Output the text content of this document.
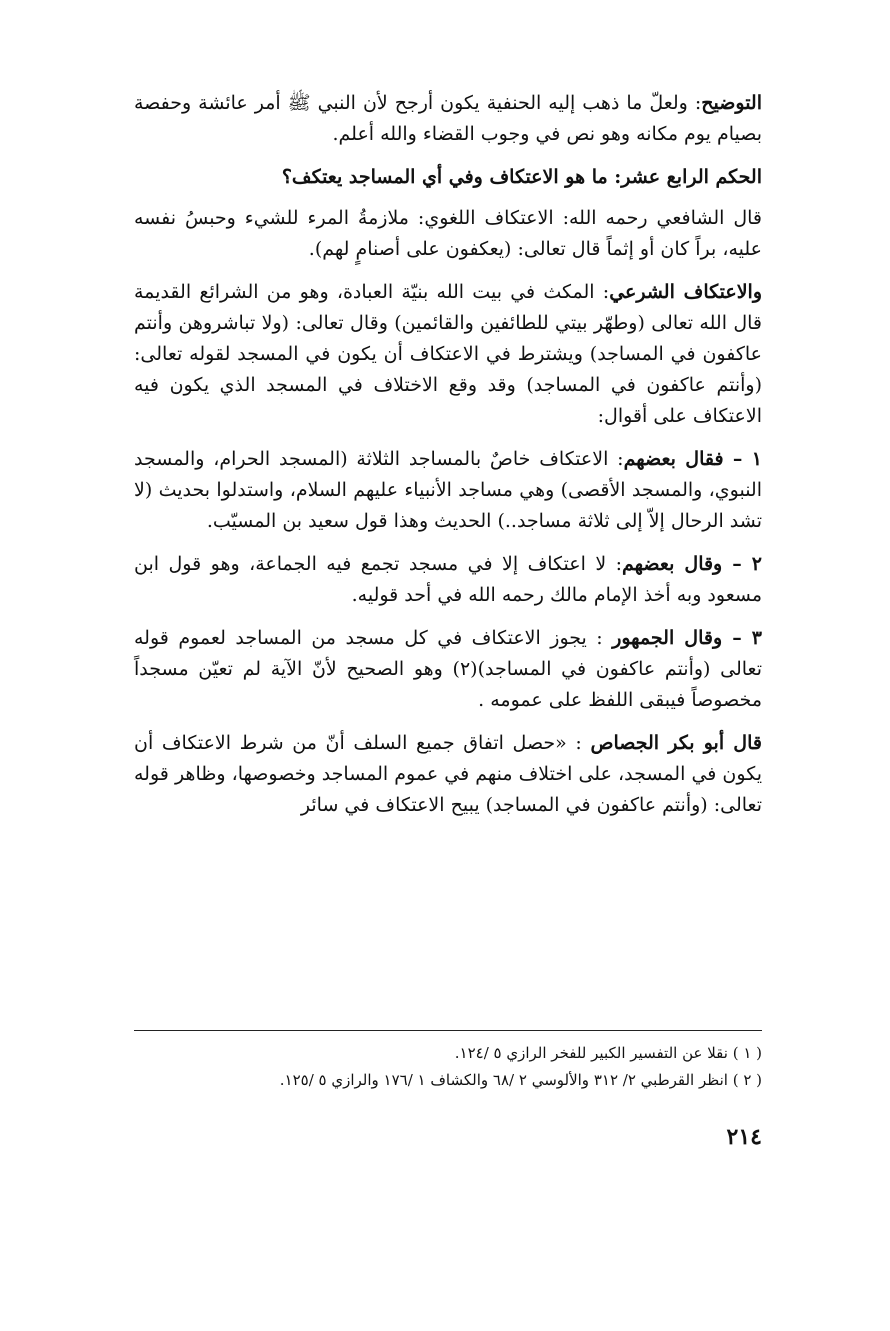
التوضيح: ولعلّ ما ذهب إليه الحنفية يكون أرجح لأن النبي ﷺ أمر عائشة وحفصة بصيام يوم مكانه وهو نص في وجوب القضاء والله أعلم.

الحكم الرابع عشر: ما هو الاعتكاف وفي أي المساجد يعتكف؟

قال الشافعي رحمه الله: الاعتكاف اللغوي: ملازمةُ المرء للشيء وحبسُ نفسه عليه، براً كان أو إثماً قال تعالى: (يعكفون على أصنامٍ لهم).

والاعتكاف الشرعي: المكث في بيت الله بنيّة العبادة، وهو من الشرائع القديمة قال الله تعالى (وطهّر بيتي للطائفين والقائمين) وقال تعالى: (ولا تباشروهن وأنتم عاكفون في المساجد) ويشترط في الاعتكاف أن يكون في المسجد لقوله تعالى: (وأنتم عاكفون في المساجد) وقد وقع الاختلاف في المسجد الذي يكون فيه الاعتكاف على أقوال:

١ – فقال بعضهم: الاعتكاف خاصٌ بالمساجد الثلاثة (المسجد الحرام، والمسجد النبوي، والمسجد الأقصى) وهي مساجد الأنبياء عليهم السلام، واستدلوا بحديث (لا تشد الرحال إلاّ إلى ثلاثة مساجد..) الحديث وهذا قول سعيد بن المسيّب.

٢ – وقال بعضهم: لا اعتكاف إلا في مسجد تجمع فيه الجماعة، وهو قول ابن مسعود وبه أخذ الإمام مالك رحمه الله في أحد قوليه.

٣ – وقال الجمهور : يجوز الاعتكاف في كل مسجد من المساجد لعموم قوله تعالى (وأنتم عاكفون في المساجد)(٢) وهو الصحيح لأنّ الآية لم تعيّن مسجداً مخصوصاً فيبقى اللفظ على عمومه .

قال أبو بكر الجصاص : «حصل اتفاق جميع السلف أنّ من شرط الاعتكاف أن يكون في المسجد، على اختلاف منهم في عموم المساجد وخصوصها، وظاهر قوله تعالى: (وأنتم عاكفون في المساجد) يبيح الاعتكاف في سائر

( ١ ) نقلا عن التفسير الكبير للفخر الرازي ٥ /١٢٤.

( ٢ ) انظر القرطبي ٢/ ٣١٢ والألوسي ٢ /٦٨ والكشاف ١ /١٧٦ والرازي ٥ /١٢٥.

٢١٤
